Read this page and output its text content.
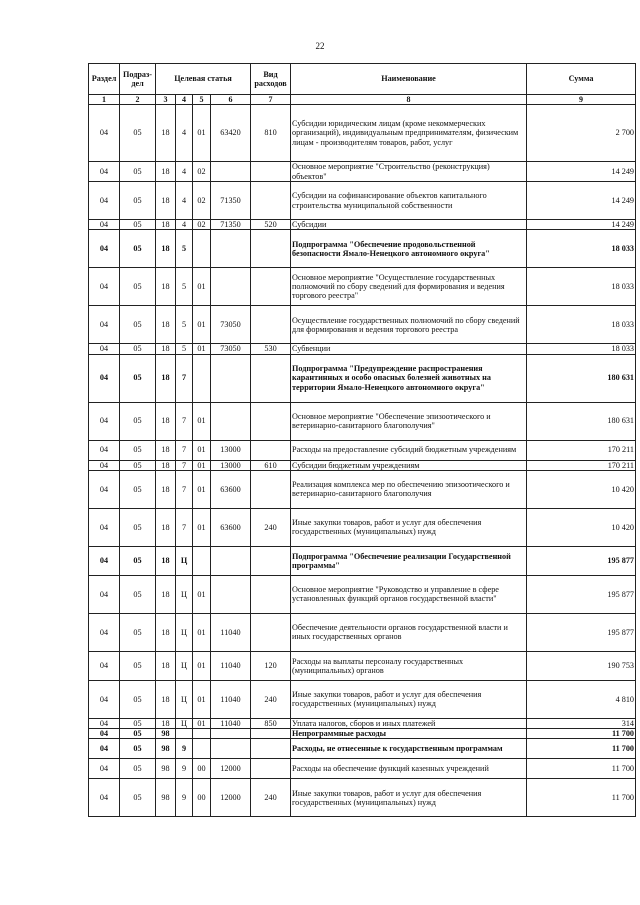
22
Раздел	Подраз-дел	Целевая статья				Вид расходов	Наименование	Сумма
1	2	3	4	5	6	7	8	9
04	05	18	4	01	63420	810	Субсидии юридическим лицам (кроме некоммерческих организаций), индивидуальным предпринимателям, физическим лицам - производителям товаров, работ, услуг	2 700
04	05	18	4	02			Основное мероприятие "Строительство (реконструкция) объектов"	14 249
04	05	18	4	02	71350		Субсидии на софинансирование объектов капитального строительства муниципальной собственности	14 249
04	05	18	4	02	71350	520	Субсидии	14 249
04	05	18	5				Подпрограмма "Обеспечение продовольственной безопасности Ямало-Ненецкого автономного округа"	18 033
04	05	18	5	01			Основное мероприятие "Осуществление государственных полномочий по сбору сведений для формирования и ведения торгового реестра"	18 033
04	05	18	5	01	73050		Осуществление государственных полномочий по сбору сведений для формирования и ведения торгового реестра	18 033
04	05	18	5	01	73050	530	Субвенции	18 033
04	05	18	7				Подпрограмма "Предупреждение распространения карантинных и особо опасных болезней животных на территории Ямало-Ненецкого автономного округа"	180 631
04	05	18	7	01			Основное мероприятие "Обеспечение эпизоотического и ветеринарно-санитарного благополучия"	180 631
04	05	18	7	01	13000		Расходы на предоставление субсидий бюджетным учреждениям	170 211
04	05	18	7	01	13000	610	Субсидии бюджетным учреждениям	170 211
04	05	18	7	01	63600		Реализация комплекса мер по обеспечению эпизоотического и ветеринарно-санитарного благополучия	10 420
04	05	18	7	01	63600	240	Иные закупки товаров, работ и услуг для обеспечения государственных (муниципальных) нужд	10 420
04	05	18	Ц				Подпрограмма "Обеспечение реализации Государственной программы"	195 877
04	05	18	Ц	01			Основное мероприятие "Руководство и управление в сфере установленных функций органов государственной власти"	195 877
04	05	18	Ц	01	11040		Обеспечение деятельности органов государственной власти и иных государственных органов	195 877
04	05	18	Ц	01	11040	120	Расходы на выплаты персоналу государственных (муниципальных) органов	190 753
04	05	18	Ц	01	11040	240	Иные закупки товаров, работ и услуг для обеспечения государственных (муниципальных) нужд	4 810
04	05	18	Ц	01	11040	850	Уплата налогов, сборов и иных платежей	314
04	05	98					Непрограммные расходы	11 700
04	05	98	9				Расходы, не отнесенные к государственным программам	11 700
04	05	98	9	00	12000		Расходы на обеспечение функций казенных учреждений	11 700
04	05	98	9	00	12000	240	Иные закупки товаров, работ и услуг для обеспечения государственных (муниципальных) нужд	11 700
